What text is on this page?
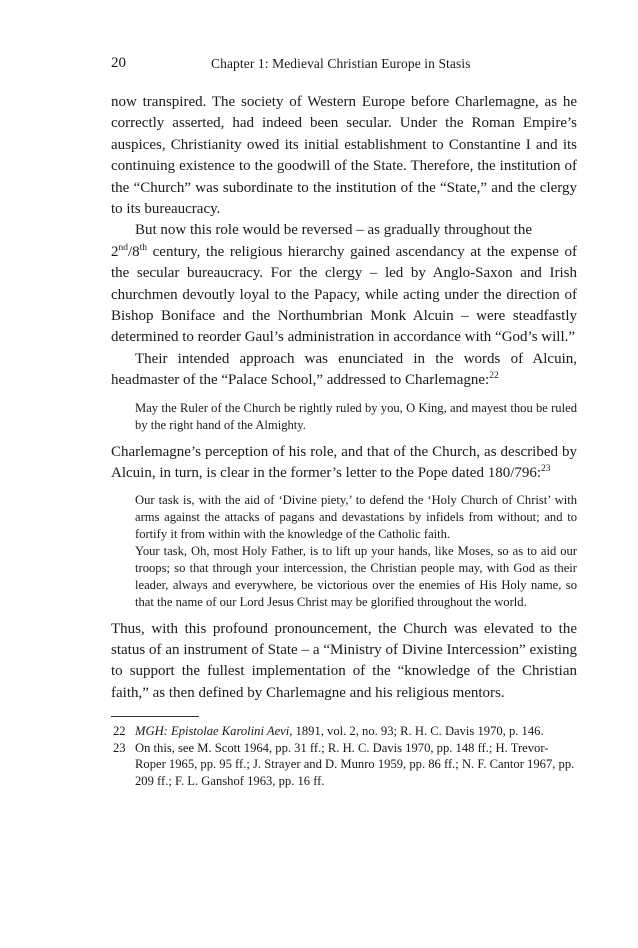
20	Chapter 1: Medieval Christian Europe in Stasis

now transpired. The society of Western Europe before Charlemagne, as he correctly asserted, had indeed been secular. Under the Roman Empire’s auspices, Christianity owed its initial establishment to Constantine I and its continuing existence to the goodwill of the State. Therefore, the institution of the “Church” was subordinate to the institution of the “State,” and the clergy to its bureaucracy.

But now this role would be reversed – as gradually throughout the
2nd/8th century, the religious hierarchy gained ascendancy at the expense of the secular bureaucracy. For the clergy – led by Anglo-Saxon and Irish churchmen devoutly loyal to the Papacy, while acting under the direction of Bishop Boniface and the Northumbrian Monk Alcuin – were steadfastly determined to reorder Gaul’s administration in accordance with “God’s will.”

Their intended approach was enunciated in the words of Alcuin, headmaster of the “Palace School,” addressed to Charlemagne:$^{22}$

May the Ruler of the Church be rightly ruled by you, O King, and mayest thou be ruled by the right hand of the Almighty.

Charlemagne’s perception of his role, and that of the Church, as described by Alcuin, in turn, is clear in the former’s letter to the Pope dated 180/796:$^{23}$

Our task is, with the aid of ‘Divine piety,’ to defend the ‘Holy Church of Christ’ with arms against the attacks of pagans and devastations by infidels from without; and to fortify it from within with the knowledge of the Catholic faith.

Your task, Oh, most Holy Father, is to lift up your hands, like Moses, so as to aid our troops; so that through your intercession, the Christian people may, with God as their leader, always and everywhere, be victorious over the enemies of His Holy name, so that the name of our Lord Jesus Christ may be glorified throughout the world.

Thus, with this profound pronouncement, the Church was elevated to the status of an instrument of State – a “Ministry of Divine Intercession” existing to support the fullest implementation of the “knowledge of the Christian faith,” as then defined by Charlemagne and his religious mentors.

22 MGH: Epistolae Karolini Aevi, 1891, vol. 2, no. 93; R. H. C. Davis 1970, p. 146.
23 On this, see M. Scott 1964, pp. 31 ff.; R. H. C. Davis 1970, pp. 148 ff.; H. Trevor-Roper 1965, pp. 95 ff.; J. Strayer and D. Munro 1959, pp. 86 ff.; N. F. Cantor 1967, pp. 209 ff.; F. L. Ganshof 1963, pp. 16 ff.
